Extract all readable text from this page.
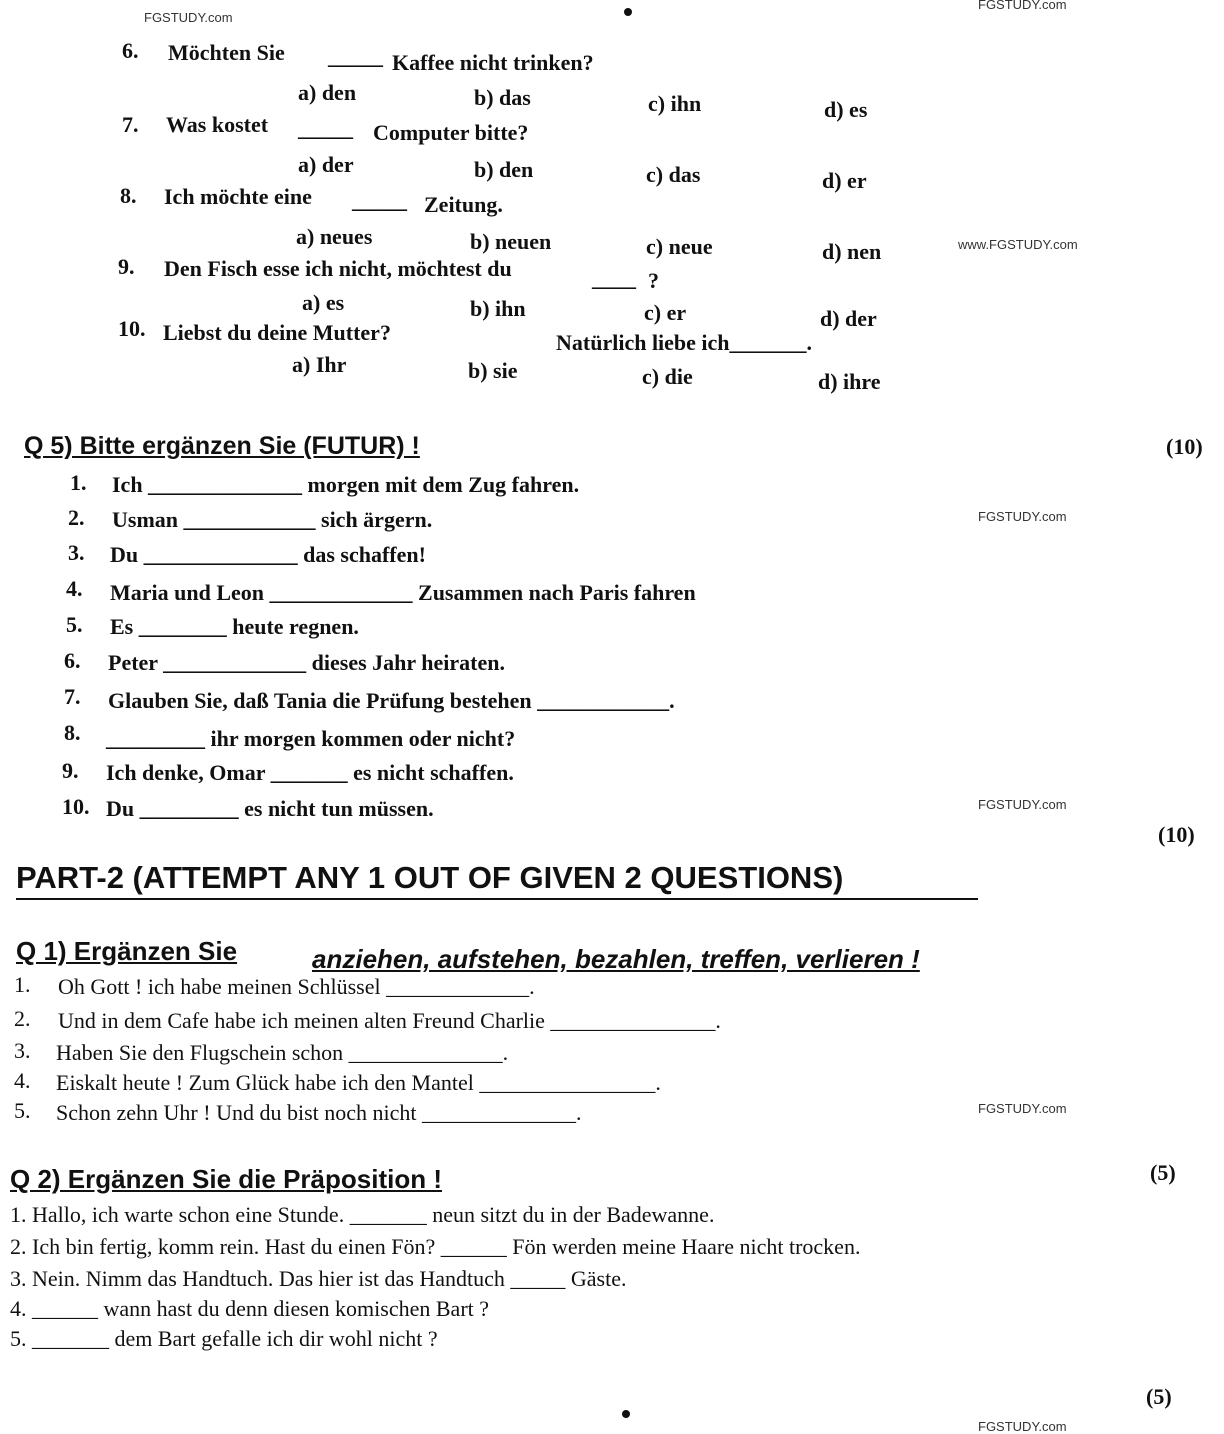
FGSTUDY.com
FGSTUDY.com
www.FGSTUDY.com
FGSTUDY.com
FGSTUDY.com
FGSTUDY.com
FGSTUDY.com
6. Möchten Sie _____ Kaffee nicht trinken?
a) den	b) das	c) ihn	d) es
7. Was kostet _____ Computer bitte?
a) der	b) den	c) das	d) er
8. Ich möchte eine _____ Zeitung.
a) neues	b) neuen	c) neue	d) nen
9. Den Fisch esse ich nicht, möchtest du	____ ?
a) es	b) ihn	c) er	d) der
10. Liebst du deine Mutter?	Natürlich liebe ich_______.
a) Ihr	b) sie	c) die	d) ihre
Q 5) Bitte ergänzen Sie (FUTUR) !	(10)
1. Ich ______________ morgen mit dem Zug fahren.
2. Usman ____________ sich ärgern.
3. Du ______________ das schaffen!
4. Maria und Leon _____________ Zusammen nach Paris fahren
5. Es ________ heute regnen.
6. Peter _____________ dieses Jahr heiraten.
7. Glauben Sie, daß Tania die Prüfung bestehen ____________.
8. _________ ihr morgen kommen oder nicht?
9. Ich denke, Omar _______ es nicht schaffen.
10. Du _________ es nicht tun müssen.
(10)
PART-2 (ATTEMPT ANY 1 OUT OF GIVEN 2 QUESTIONS)
Q 1) Ergänzen Sie	anziehen, aufstehen, bezahlen, treffen, verlieren !
1. Oh Gott ! ich habe meinen Schlüssel _____________.
2. Und in dem Cafe habe ich meinen alten Freund Charlie _______________.
3. Haben Sie den Flugschein schon ______________.
4. Eiskalt heute ! Zum Glück habe ich den Mantel ________________.
5. Schon zehn Uhr ! Und du bist noch nicht ______________.
Q 2) Ergänzen Sie die Präposition !	(5)
1. Hallo, ich warte schon eine Stunde. _______ neun sitzt du in der Badewanne.
2. Ich bin fertig, komm rein. Hast du einen Fön? ______ Fön werden meine Haare nicht trocken.
3. Nein. Nimm das Handtuch. Das hier ist das Handtuch _____ Gäste.
4. ______ wann hast du denn diesen komischen Bart ?
5. _______ dem Bart gefalle ich dir wohl nicht ?
(5)
